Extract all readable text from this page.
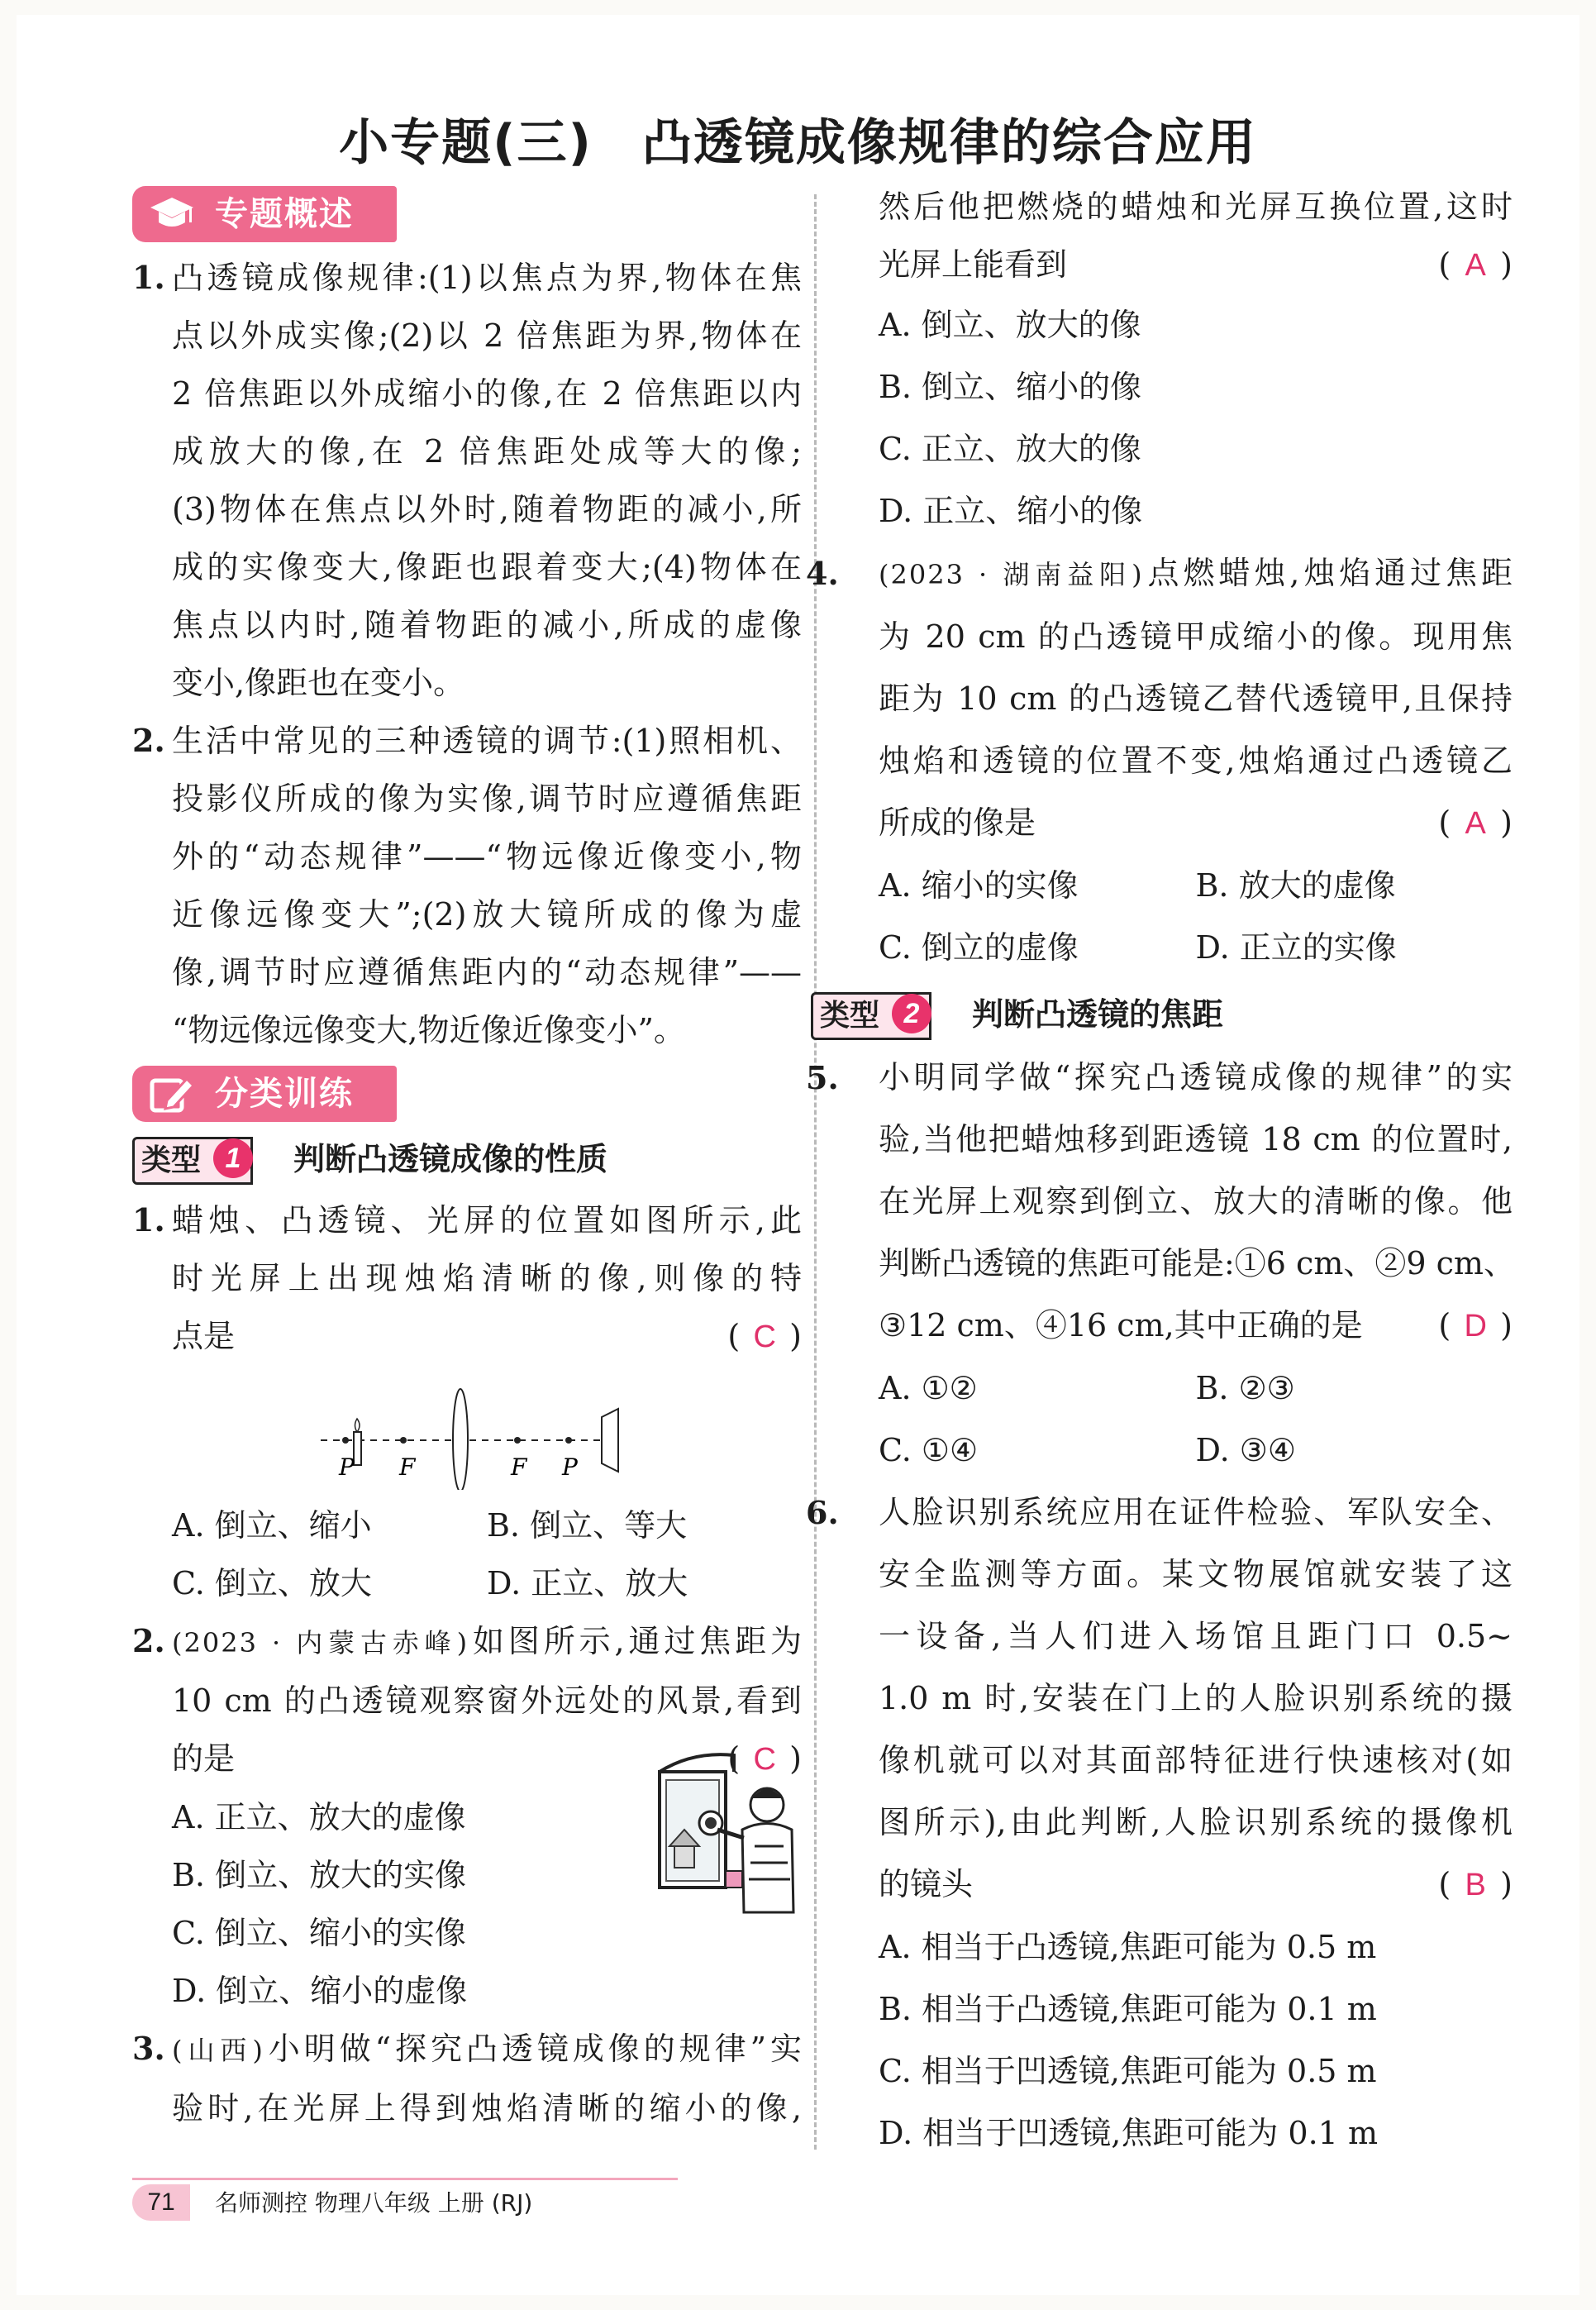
小专题(三) 凸透镜成像规律的综合应用
专题概述
1. 凸透镜成像规律:(1)以焦点为界,物体在焦
点以外成实像;(2)以 2 倍焦距为界,物体在
2 倍焦距以外成缩小的像,在 2 倍焦距以内
成放大的像,在 2 倍焦距处成等大的像;
(3)物体在焦点以外时,随着物距的减小,所
成的实像变大,像距也跟着变大;(4)物体在
焦点以内时,随着物距的减小,所成的虚像
变小,像距也在变小。
2. 生活中常见的三种透镜的调节:(1)照相机、
投影仪所成的像为实像,调节时应遵循焦距
外的“动态规律”——“物远像近像变小,物
近像远像变大”;(2)放大镜所成的像为虚
像,调节时应遵循焦距内的“动态规律”——
“物远像远像变大,物近像近像变小”。
分类训练
类型 1	判断凸透镜成像的性质
1. 蜡烛、凸透镜、光屏的位置如图所示,此
时光屏上出现烛焰清晰的像,则像的特
点是	( C )
P F	F P
A. 倒立、缩小	B. 倒立、等大
C. 倒立、放大	D. 正立、放大
2. (2023 · 内蒙古赤峰)如图所示,通过焦距为
10 cm 的凸透镜观察窗外远处的风景,看到
的是	( C )
A. 正立、放大的虚像
B. 倒立、放大的实像
C. 倒立、缩小的实像
D. 倒立、缩小的虚像
3. (山西)小明做“探究凸透镜成像的规律”实
验时,在光屏上得到烛焰清晰的缩小的像,
然后他把燃烧的蜡烛和光屏互换位置,这时
光屏上能看到	( A )
A. 倒立、放大的像
B. 倒立、缩小的像
C. 正立、放大的像
D. 正立、缩小的像
4. (2023 · 湖南益阳)点燃蜡烛,烛焰通过焦距
为 20 cm 的凸透镜甲成缩小的像。现用焦
距为 10 cm 的凸透镜乙替代透镜甲,且保持
烛焰和透镜的位置不变,烛焰通过凸透镜乙
所成的像是	( A )
A. 缩小的实像	B. 放大的虚像
C. 倒立的虚像	D. 正立的实像
类型 2	判断凸透镜的焦距
5. 小明同学做“探究凸透镜成像的规律”的实
验,当他把蜡烛移到距透镜 18 cm 的位置时,
在光屏上观察到倒立、放大的清晰的像。他
判断凸透镜的焦距可能是:①6 cm、②9 cm、
③12 cm、④16 cm,其中正确的是 ( D )
A. ①②	B. ②③
C. ①④	D. ③④
6. 人脸识别系统应用在证件检验、军队安全、
安全监测等方面。某文物展馆就安装了这
一设备,当人们进入场馆且距门口 0.5~
1.0 m 时,安装在门上的人脸识别系统的摄
像机就可以对其面部特征进行快速核对(如
图所示),由此判断,人脸识别系统的摄像机
的镜头	( B )
A. 相当于凸透镜,焦距可能为 0.5 m
B. 相当于凸透镜,焦距可能为 0.1 m
C. 相当于凹透镜,焦距可能为 0.5 m
D. 相当于凹透镜,焦距可能为 0.1 m
71	名师测控 物理八年级 上册 (RJ)
